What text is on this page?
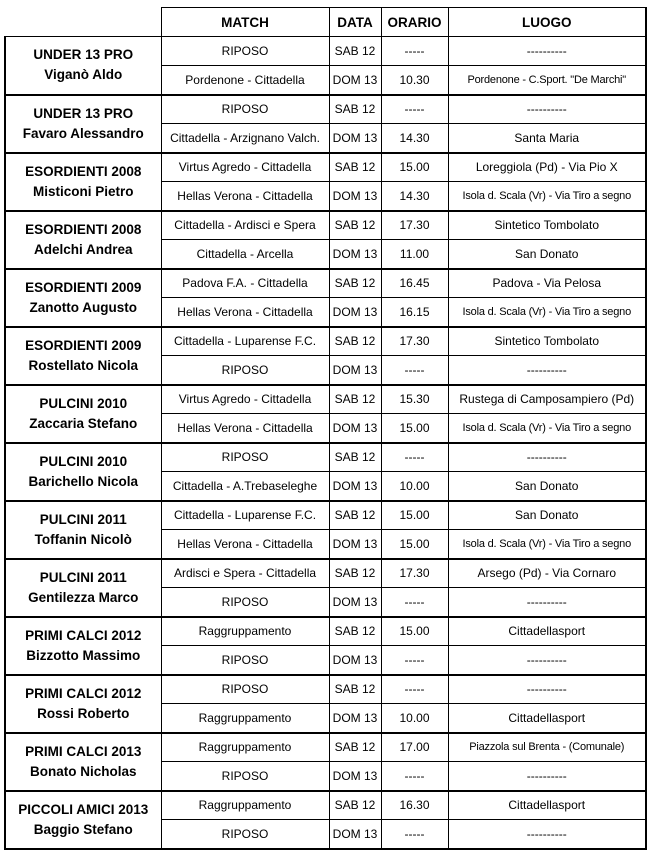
	MATCH	DATA	ORARIO	LUOGO

UNDER 13 PRO
Viganò Aldo	RIPOSO	SAB 12	-----	----------
	Pordenone - Cittadella	DOM 13	10.30	Pordenone - C.Sport. "De Marchi"

UNDER 13 PRO
Favaro Alessandro	RIPOSO	SAB 12	-----	----------
	Cittadella - Arzignano Valch.	DOM 13	14.30	Santa Maria

ESORDIENTI 2008
Misticoni Pietro	Virtus Agredo - Cittadella	SAB 12	15.00	Loreggiola (Pd) - Via Pio X
	Hellas Verona - Cittadella	DOM 13	14.30	Isola d. Scala (Vr) - Via Tiro a segno

ESORDIENTI 2008
Adelchi Andrea	Cittadella - Ardisci e Spera	SAB 12	17.30	Sintetico Tombolato
	Cittadella - Arcella	DOM 13	11.00	San Donato

ESORDIENTI 2009
Zanotto Augusto	Padova F.A. - Cittadella	SAB 12	16.45	Padova - Via Pelosa
	Hellas Verona - Cittadella	DOM 13	16.15	Isola d. Scala (Vr) - Via Tiro a segno

ESORDIENTI 2009
Rostellato Nicola	Cittadella - Luparense F.C.	SAB 12	17.30	Sintetico Tombolato
	RIPOSO	DOM 13	-----	----------

PULCINI 2010
Zaccaria Stefano	Virtus Agredo - Cittadella	SAB 12	15.30	Rustega di Camposampiero (Pd)
	Hellas Verona - Cittadella	DOM 13	15.00	Isola d. Scala (Vr) - Via Tiro a segno

PULCINI 2010
Barichello Nicola	RIPOSO	SAB 12	-----	----------
	Cittadella - A.Trebaseleghe	DOM 13	10.00	San Donato

PULCINI 2011
Toffanin Nicolò	Cittadella - Luparense F.C.	SAB 12	15.00	San Donato
	Hellas Verona - Cittadella	DOM 13	15.00	Isola d. Scala (Vr) - Via Tiro a segno

PULCINI 2011
Gentilezza Marco	Ardisci e Spera - Cittadella	SAB 12	17.30	Arsego (Pd) - Via Cornaro
	RIPOSO	DOM 13	-----	----------

PRIMI CALCI 2012
Bizzotto Massimo	Raggruppamento	SAB 12	15.00	Cittadellasport
	RIPOSO	DOM 13	-----	----------

PRIMI CALCI 2012
Rossi Roberto	RIPOSO	SAB 12	-----	----------
	Raggruppamento	DOM 13	10.00	Cittadellasport

PRIMI CALCI 2013
Bonato Nicholas	Raggruppamento	SAB 12	17.00	Piazzola sul Brenta - (Comunale)
	RIPOSO	DOM 13	-----	----------

PICCOLI AMICI 2013
Baggio Stefano	Raggruppamento	SAB 12	16.30	Cittadellasport
	RIPOSO	DOM 13	-----	----------
